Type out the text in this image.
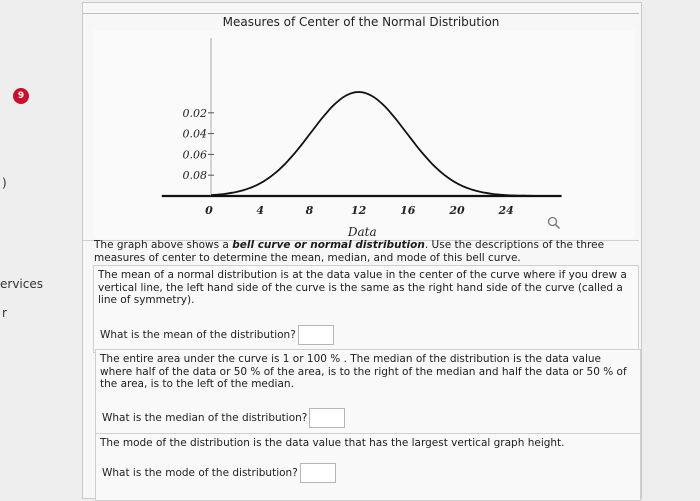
9
)
ervices
r
Measures of Center of the Normal Distribution
0.08
0.06
0.04
0.02
0	4	8	12	16	20	24
Data
The graph above shows a bell curve or normal distribution. Use the descriptions of the three measures of center to determine the mean, median, and mode of this bell curve.
The mean of a normal distribution is at the data value in the center of the curve where if you drew a vertical line, the left hand side of the curve is the same as the right hand side of the curve (called a line of symmetry).
What is the mean of the distribution?
The entire area under the curve is 1 or 100 % . The median of the distribution is the data value where half of the data or 50 % of the area, is to the right of the median and half the data or 50 % of the area, is to the left of the median.
What is the median of the distribution?
The mode of the distribution is the data value that has the largest vertical graph height.
What is the mode of the distribution?
